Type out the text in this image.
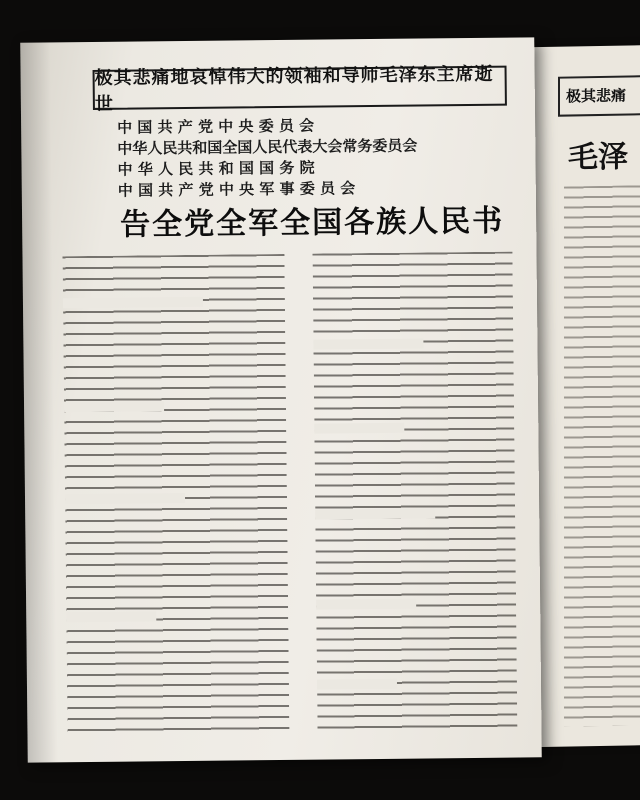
极其悲痛
毛泽
极其悲痛地哀悼伟大的领袖和导师毛泽东主席逝世
中 国 共 产 党 中 央 委 员 会
中华人民共和国全国人民代表大会常务委员会
中 华 人 民 共 和 国 国 务 院
中 国 共 产 党 中 央 军 事 委 员 会
告全党全军全国各族人民书
